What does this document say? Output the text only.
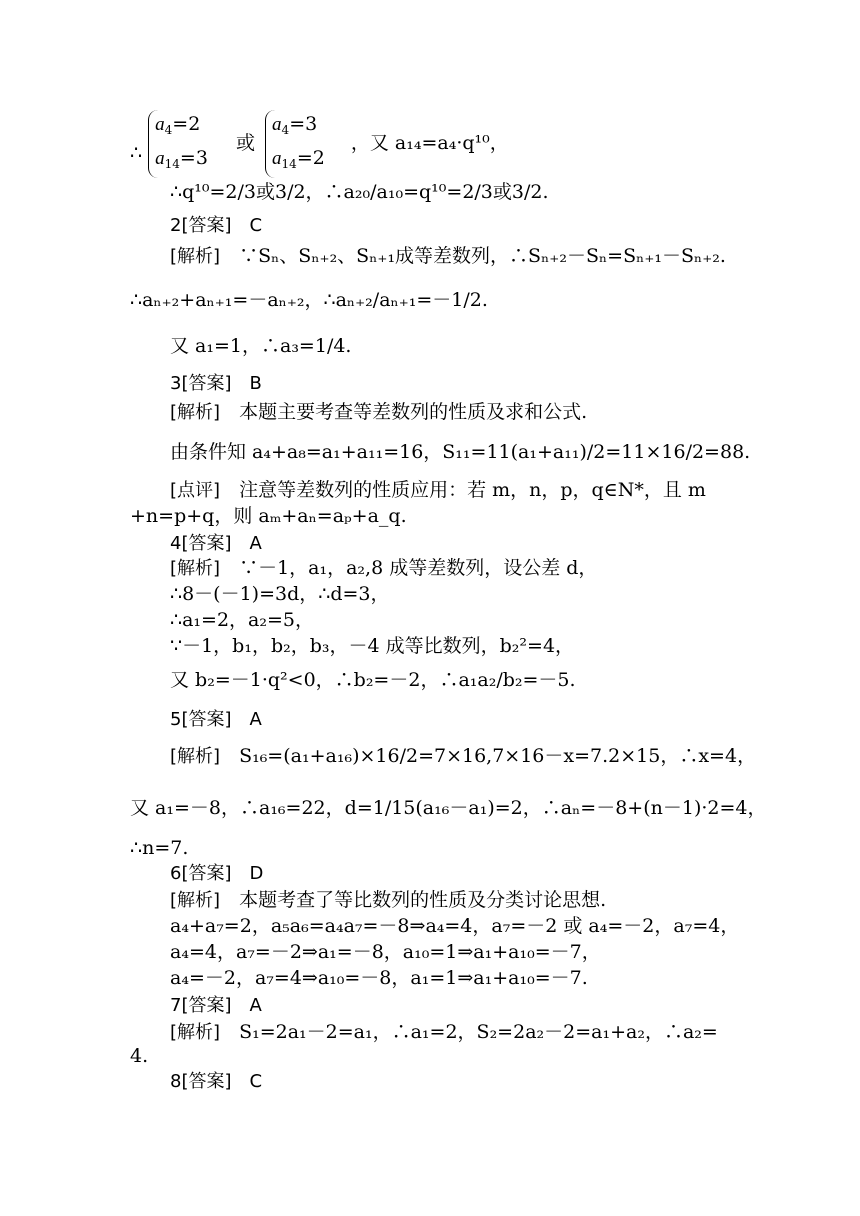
∴
$a_4=2$
$a_{14}=3$
或
$a_4=3$
$a_{14}=2$
，又 a₁₄=a₄·q¹⁰，
∴q¹⁰=2/3或3/2，∴a₂₀/a₁₀=q¹⁰=2/3或3/2.
2[答案]　C
[解析]　 ∵Sₙ、Sₙ₊₂、Sₙ₊₁成等差数列，∴Sₙ₊₂－Sₙ=Sₙ₊₁－Sₙ₊₂.
∴aₙ₊₂+aₙ₊₁=－aₙ₊₂，∴aₙ₊₂/aₙ₊₁=－1/2.
又 a₁=1，∴a₃=1/4.
3[答案]　B
[解析]　 本题主要考查等差数列的性质及求和公式.
由条件知 a₄+a₈=a₁+a₁₁=16，S₁₁=11(a₁+a₁₁)/2=11×16/2=88.
[点评]　 注意等差数列的性质应用：若 m，n，p，q∈N*，且 m
+n=p+q，则 aₘ+aₙ=aₚ+a_q.
4[答案]　A
[解析]　 ∵－1，a₁，a₂,8 成等差数列，设公差 d，
∴8－(－1)=3d，∴d=3，
∴a₁=2，a₂=5，
∵－1，b₁，b₂，b₃，－4 成等比数列，b₂²=4，
又 b₂=－1·q²<0，∴b₂=－2，∴a₁a₂/b₂=－5.
5[答案]　A
[解析]　 S₁₆=(a₁+a₁₆)×16/2=7×16,7×16－x=7.2×15，∴x=4，
又 a₁=－8，∴a₁₆=22，d=1/15(a₁₆－a₁)=2，∴aₙ=－8+(n－1)·2=4，
∴n=7.
6[答案]　D
[解析]　 本题考查了等比数列的性质及分类讨论思想.
a₄+a₇=2，a₅a₆=a₄a₇=－8⇒a₄=4，a₇=－2 或 a₄=－2，a₇=4，
a₄=4，a₇=－2⇒a₁=－8，a₁₀=1⇒a₁+a₁₀=－7，
a₄=－2，a₇=4⇒a₁₀=－8，a₁=1⇒a₁+a₁₀=－7.
7[答案]　A
[解析]　 S₁=2a₁－2=a₁，∴a₁=2，S₂=2a₂－2=a₁+a₂，∴a₂=
4.
8[答案]　C
